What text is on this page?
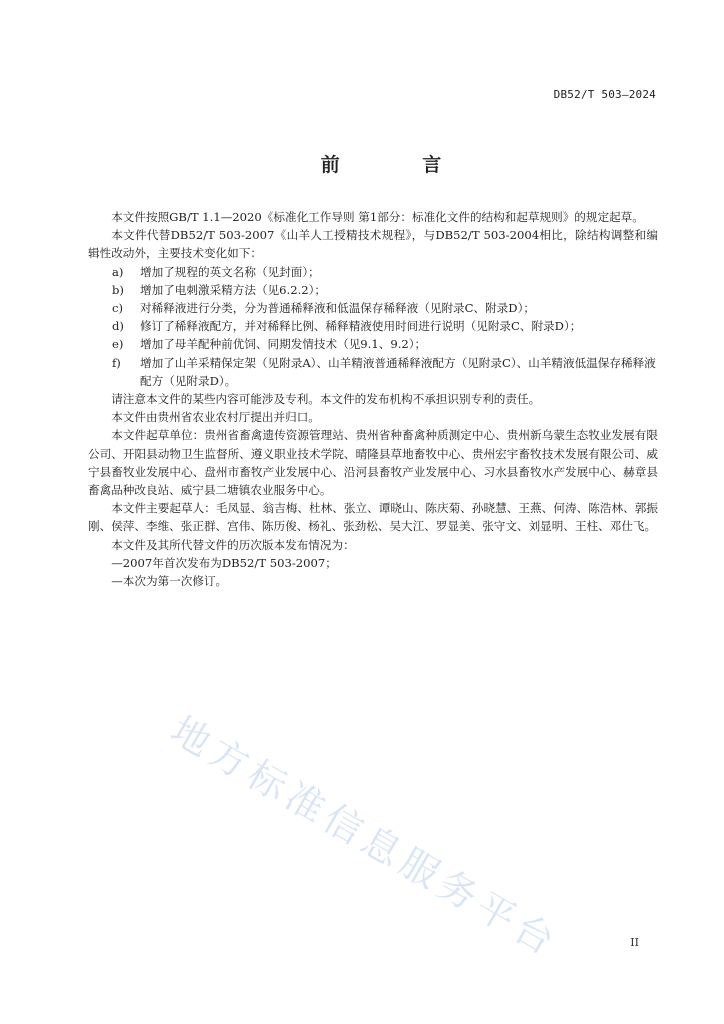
DB52/T 503—2024
前 言

本文件按照GB/T 1.1—2020《标准化工作导则 第1部分：标准化文件的结构和起草规则》的规定起草。

本文件代替DB52/T 503-2007《山羊人工授精技术规程》，与DB52/T 503-2004相比，除结构调整和编辑性改动外，主要技术变化如下：

a) 增加了规程的英文名称（见封面）；

b) 增加了电刺激采精方法（见6.2.2）；

c) 对稀释液进行分类，分为普通稀释液和低温保存稀释液（见附录C、附录D）；

d) 修订了稀释液配方，并对稀释比例、稀释精液使用时间进行说明（见附录C、附录D）；

e) 增加了母羊配种前优饲、同期发情技术（见9.1、9.2）；

f) 增加了山羊采精保定架（见附录A）、山羊精液普通稀释液配方（见附录C）、山羊精液低温保存稀释液配方（见附录D）。

请注意本文件的某些内容可能涉及专利。本文件的发布机构不承担识别专利的责任。

本文件由贵州省农业农村厅提出并归口。

本文件起草单位：贵州省畜禽遗传资源管理站、贵州省种畜禽种质测定中心、贵州新乌蒙生态牧业发展有限公司、开阳县动物卫生监督所、遵义职业技术学院、晴隆县草地畜牧中心、贵州宏宇畜牧技术发展有限公司、威宁县畜牧业发展中心、盘州市畜牧产业发展中心、沿河县畜牧产业发展中心、习水县畜牧水产发展中心、赫章县畜禽品种改良站、威宁县二塘镇农业服务中心。

本文件主要起草人：毛凤显、翁吉梅、杜林、张立、谭晓山、陈庆菊、孙晓慧、王燕、何涛、陈浩林、郭振刚、侯萍、李维、张正群、宫伟、陈历俊、杨礼、张劲松、吴大江、罗显美、张守文、刘显明、王柱、邓仕飞。

本文件及其所代替文件的历次版本发布情况为：

—2007年首次发布为DB52/T 503-2007；

—本次为第一次修订。

地方标准信息服务平台	II
